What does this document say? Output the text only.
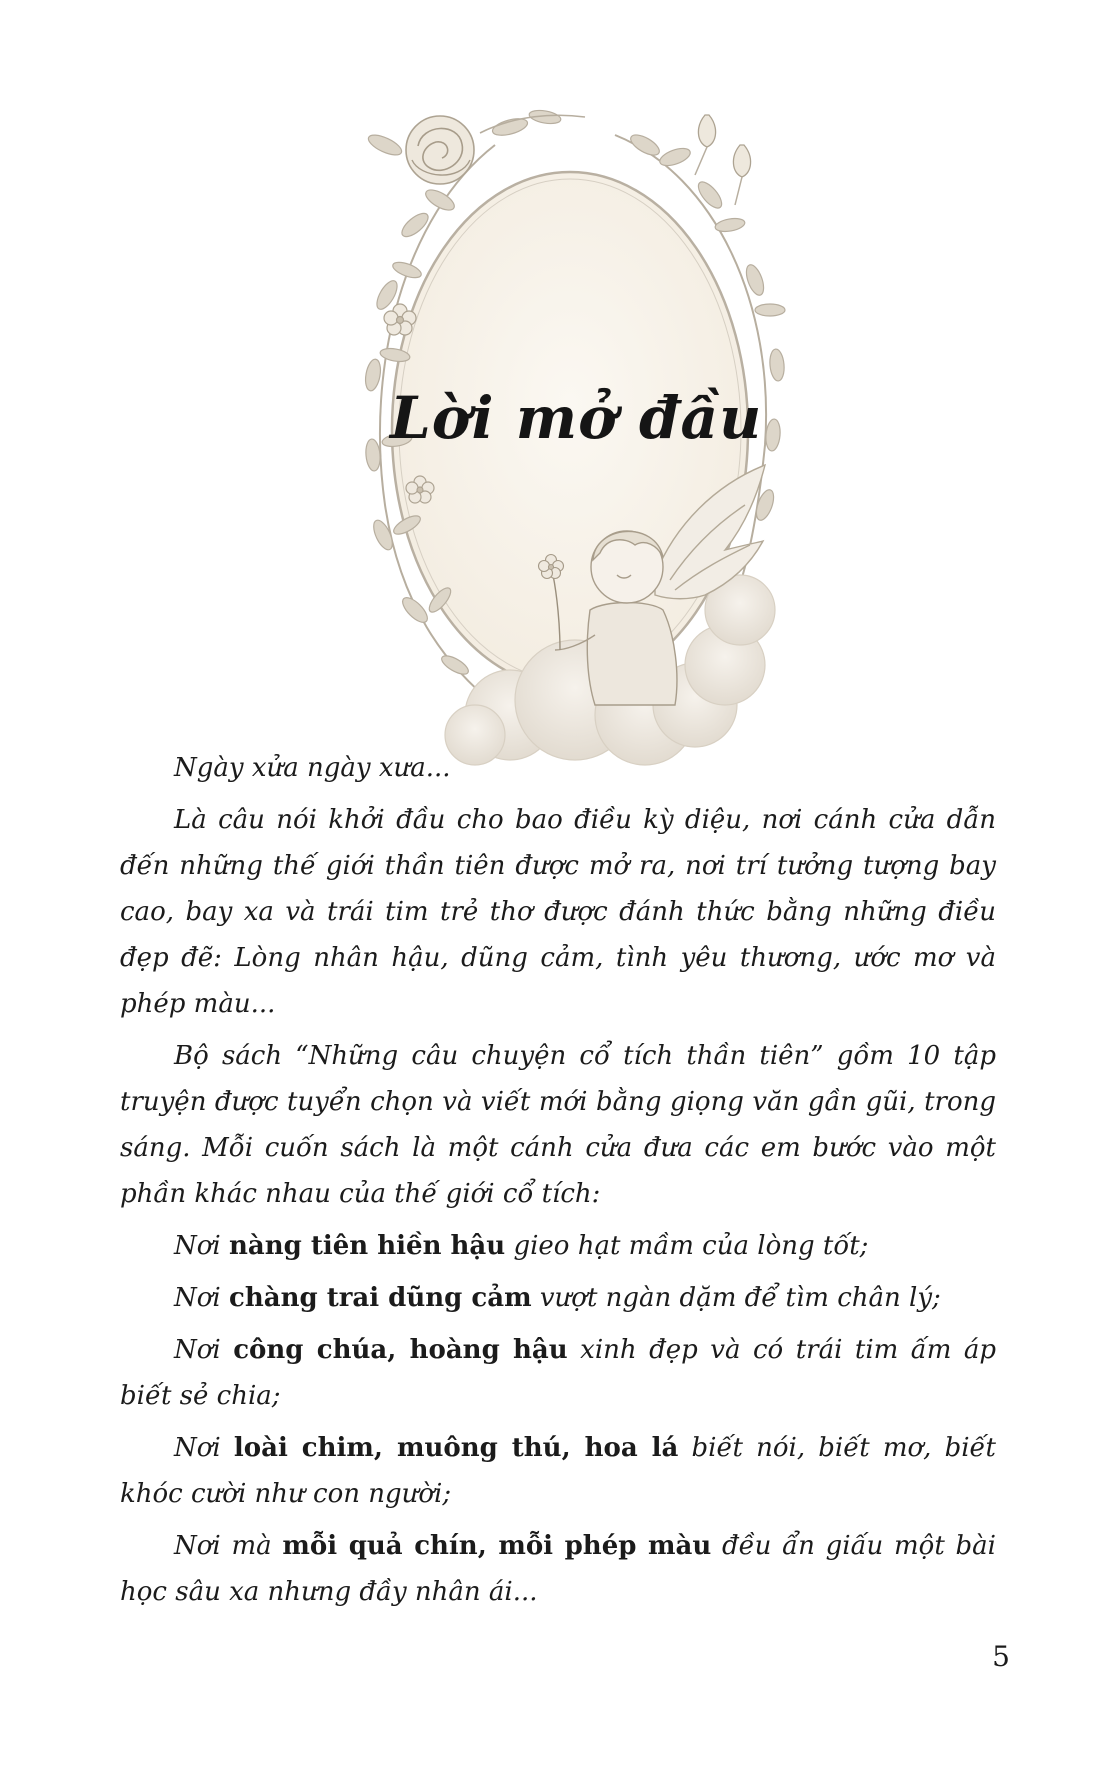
Lời mở đầu

Ngày xửa ngày xưa...

Là câu nói khởi đầu cho bao điều kỳ diệu, nơi cánh cửa dẫn đến những thế giới thần tiên được mở ra, nơi trí tưởng tượng bay cao, bay xa và trái tim trẻ thơ được đánh thức bằng những điều đẹp đẽ: Lòng nhân hậu, dũng cảm, tình yêu thương, ước mơ và phép màu...

Bộ sách “Những câu chuyện cổ tích thần tiên” gồm 10 tập truyện được tuyển chọn và viết mới bằng giọng văn gần gũi, trong sáng. Mỗi cuốn sách là một cánh cửa đưa các em bước vào một phần khác nhau của thế giới cổ tích:

Nơi nàng tiên hiền hậu gieo hạt mầm của lòng tốt;

Nơi chàng trai dũng cảm vượt ngàn dặm để tìm chân lý;

Nơi công chúa, hoàng hậu xinh đẹp và có trái tim ấm áp biết sẻ chia;

Nơi loài chim, muông thú, hoa lá biết nói, biết mơ, biết khóc cười như con người;

Nơi mà mỗi quả chín, mỗi phép màu đều ẩn giấu một bài học sâu xa nhưng đầy nhân ái...

5
